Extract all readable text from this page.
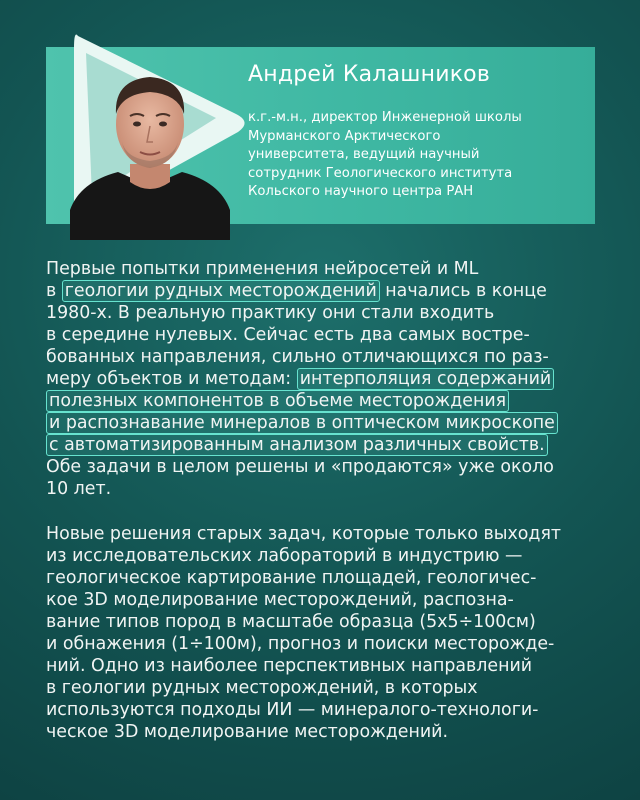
Андрей Калашников
к.г.-м.н., директор Инженерной школы
Мурманского Арктического
университета, ведущий научный
сотрудник Геологического института
Кольского научного центра РАН
Первые попытки применения нейросетей и ML
в геологии рудных месторождений начались в конце
1980-х. В реальную практику они стали входить
в середине нулевых. Сейчас есть два самых востре-
бованных направления, сильно отличающихся по раз-
меру объектов и методам: интерполяция содержаний
полезных компонентов в объеме месторождения
и распознавание минералов в оптическом микроскопе
с автоматизированным анализом различных свойств.
Обе задачи в целом решены и «продаются» уже около
10 лет.
Новые решения старых задач, которые только выходят
из исследовательских лабораторий в индустрию —
геологическое картирование площадей, геологичес-
кое 3D моделирование месторождений, распозна-
вание типов пород в масштабе образца (5х5÷100см)
и обнажения (1÷100м), прогноз и поиски месторожде-
ний. Одно из наиболее перспективных направлений
в геологии рудных месторождений, в которых
используются подходы ИИ — минералого-технологи-
ческое 3D моделирование месторождений.
